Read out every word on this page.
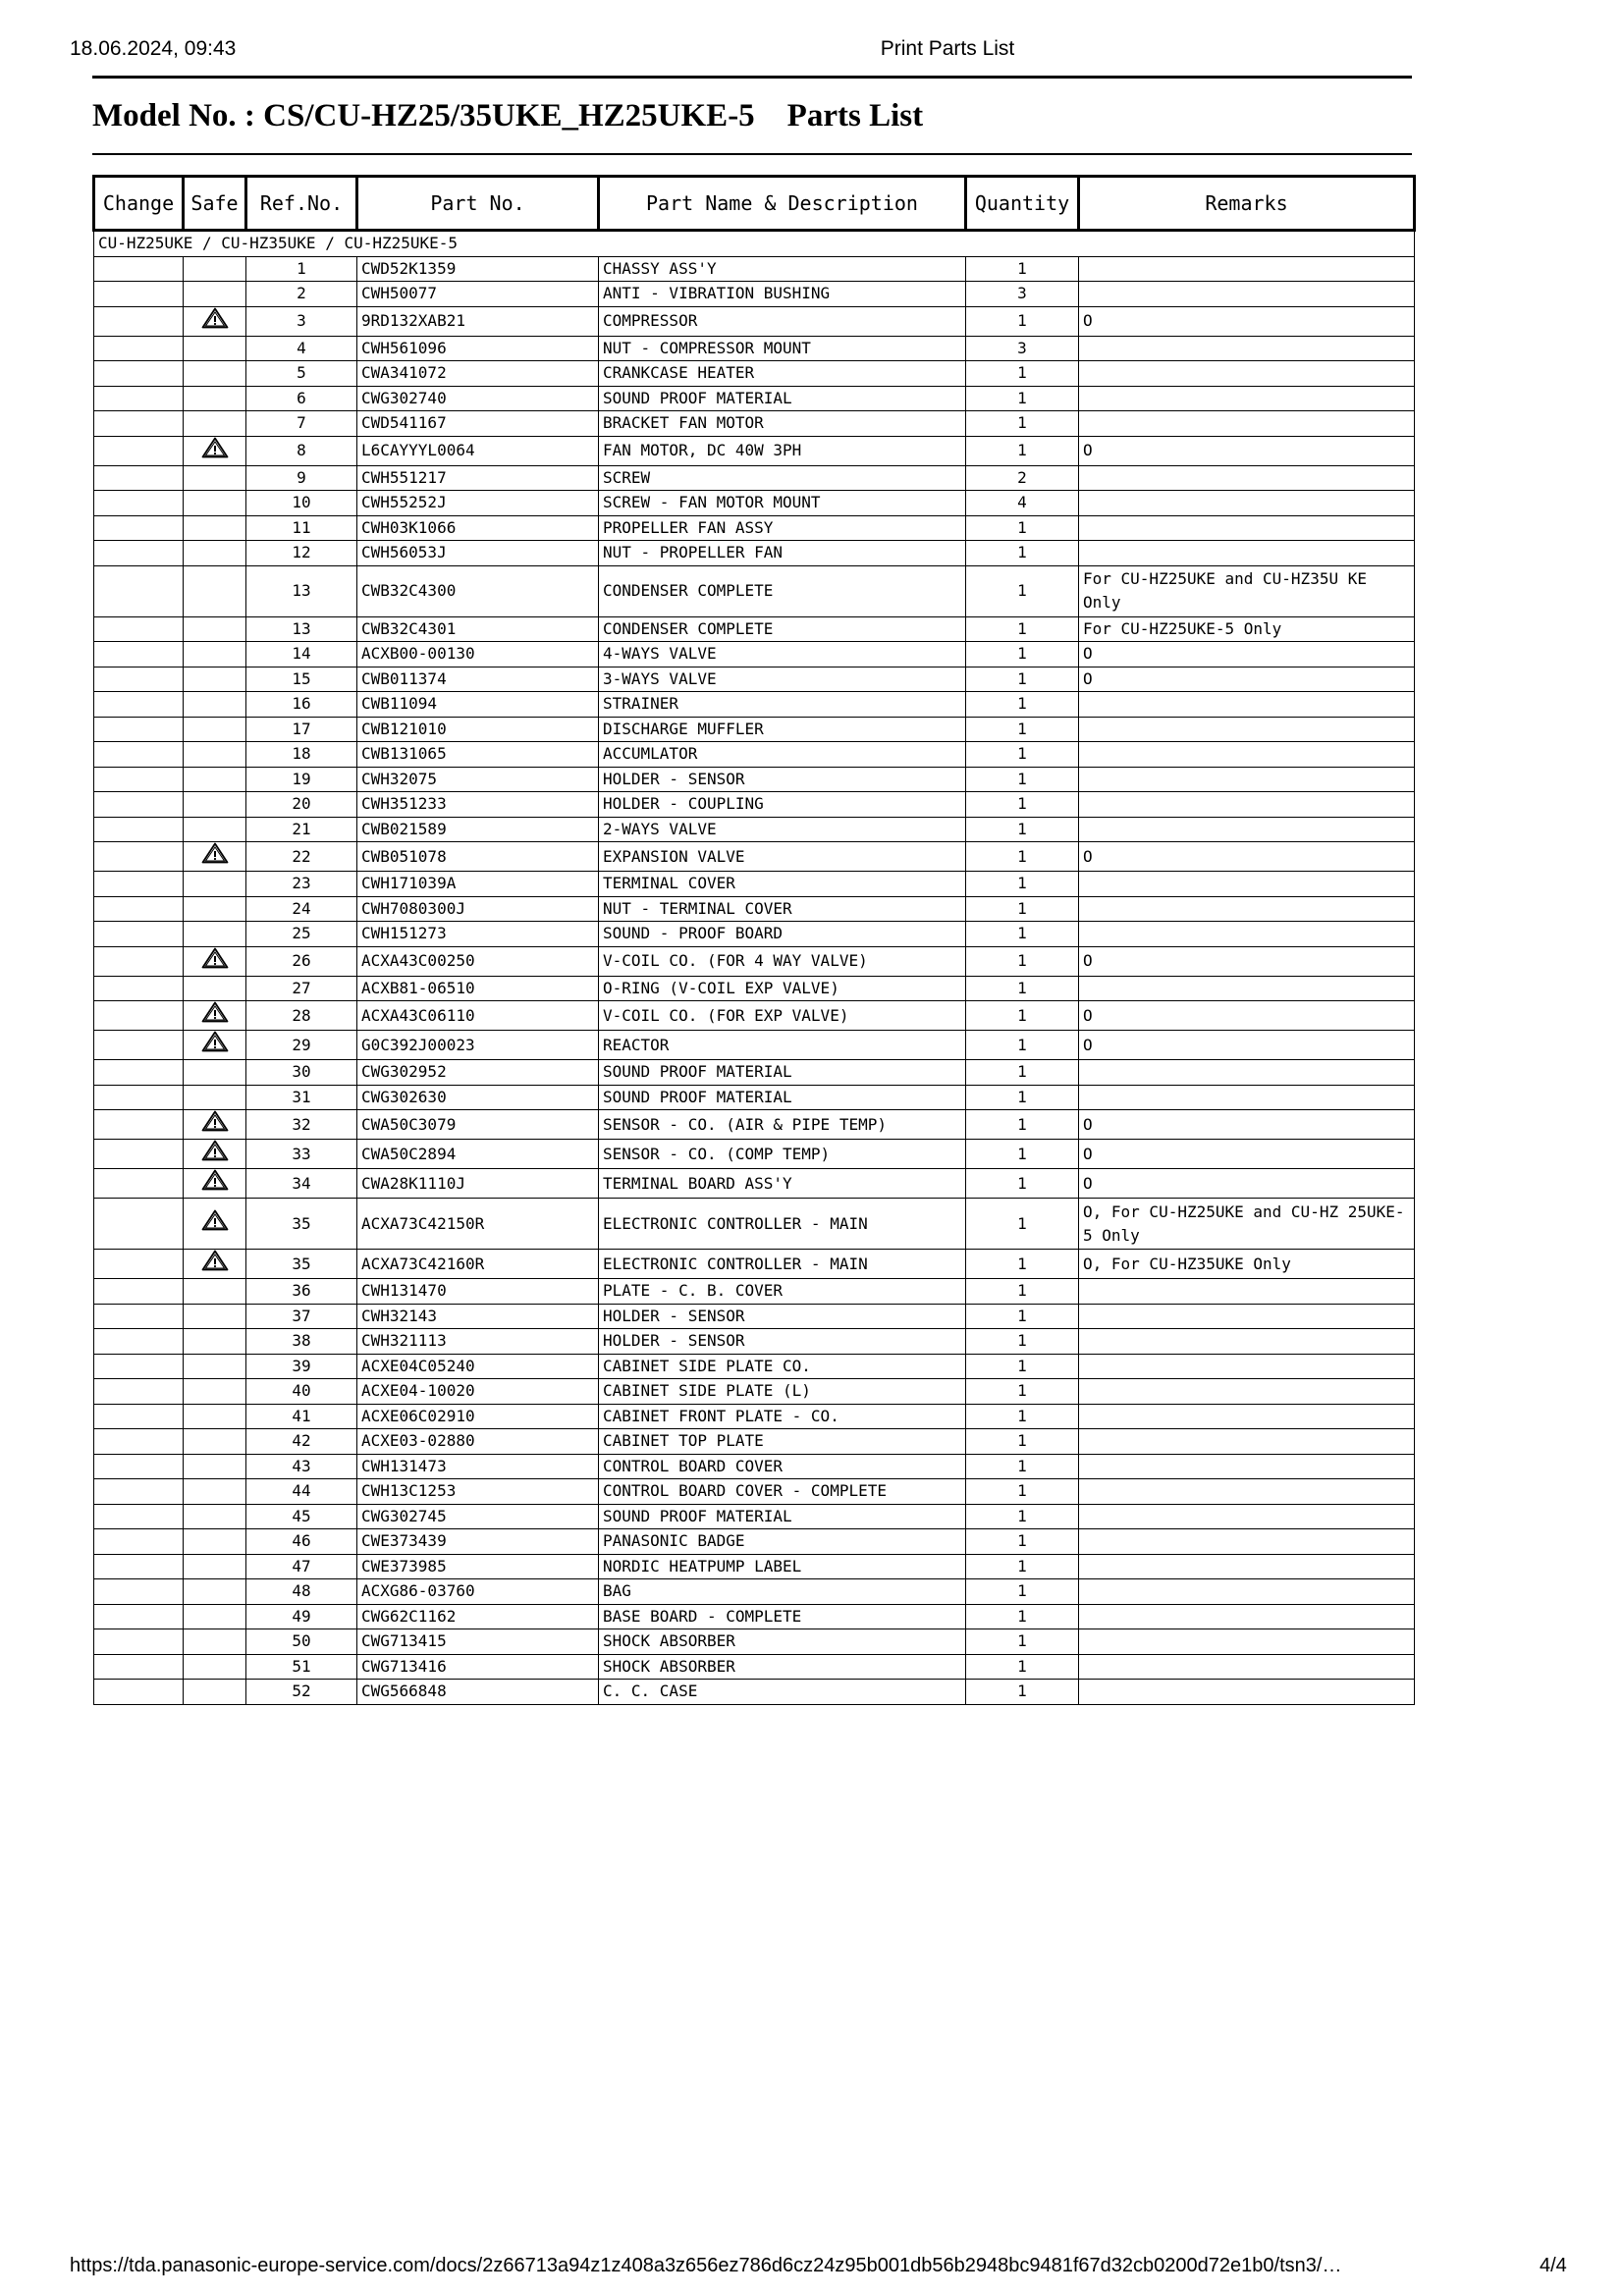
18.06.2024, 09:43	Print Parts List
Model No. : CS/CU-HZ25/35UKE_HZ25UKE-5    Parts List
Change	Safe	Ref.No.	Part No.	Part Name & Description	Quantity	Remarks
CU-HZ25UKE / CU-HZ35UKE / CU-HZ25UKE-5						
		1	CWD52K1359	CHASSY ASS'Y	1	
		2	CWH50077	ANTI - VIBRATION BUSHING	3	
		3	9RD132XAB21	COMPRESSOR	1	O
		4	CWH561096	NUT - COMPRESSOR MOUNT	3	
		5	CWA341072	CRANKCASE HEATER	1	
		6	CWG302740	SOUND PROOF MATERIAL	1	
		7	CWD541167	BRACKET FAN MOTOR	1	
		8	L6CAYYYL0064	FAN MOTOR, DC 40W 3PH	1	O
		9	CWH551217	SCREW	2	
		10	CWH55252J	SCREW - FAN MOTOR MOUNT	4	
		11	CWH03K1066	PROPELLER FAN ASSY	1	
		12	CWH56053J	NUT - PROPELLER FAN	1	
		13	CWB32C4300	CONDENSER COMPLETE	1	For CU-HZ25UKE and CU-HZ35U KE Only
		13	CWB32C4301	CONDENSER COMPLETE	1	For CU-HZ25UKE-5 Only
		14	ACXB00-00130	4-WAYS VALVE	1	O
		15	CWB011374	3-WAYS VALVE	1	O
		16	CWB11094	STRAINER	1	
		17	CWB121010	DISCHARGE MUFFLER	1	
		18	CWB131065	ACCUMLATOR	1	
		19	CWH32075	HOLDER - SENSOR	1	
		20	CWH351233	HOLDER - COUPLING	1	
		21	CWB021589	2-WAYS VALVE	1	
		22	CWB051078	EXPANSION VALVE	1	O
		23	CWH171039A	TERMINAL COVER	1	
		24	CWH7080300J	NUT - TERMINAL COVER	1	
		25	CWH151273	SOUND - PROOF BOARD	1	
		26	ACXA43C00250	V-COIL CO. (FOR 4 WAY VALVE)	1	O
		27	ACXB81-06510	O-RING (V-COIL EXP VALVE)	1	
		28	ACXA43C06110	V-COIL CO. (FOR EXP VALVE)	1	O
		29	G0C392J00023	REACTOR	1	O
		30	CWG302952	SOUND PROOF MATERIAL	1	
		31	CWG302630	SOUND PROOF MATERIAL	1	
		32	CWA50C3079	SENSOR - CO. (AIR & PIPE TEMP)	1	O
		33	CWA50C2894	SENSOR - CO. (COMP TEMP)	1	O
		34	CWA28K1110J	TERMINAL BOARD ASS'Y	1	O
		35	ACXA73C42150R	ELECTRONIC CONTROLLER - MAIN	1	O, For CU-HZ25UKE and CU-HZ 25UKE-5 Only
		35	ACXA73C42160R	ELECTRONIC CONTROLLER - MAIN	1	O, For CU-HZ35UKE Only
		36	CWH131470	PLATE - C. B. COVER	1	
		37	CWH32143	HOLDER - SENSOR	1	
		38	CWH321113	HOLDER - SENSOR	1	
		39	ACXE04C05240	CABINET SIDE PLATE CO.	1	
		40	ACXE04-10020	CABINET SIDE PLATE (L)	1	
		41	ACXE06C02910	CABINET FRONT PLATE - CO.	1	
		42	ACXE03-02880	CABINET TOP PLATE	1	
		43	CWH131473	CONTROL BOARD COVER	1	
		44	CWH13C1253	CONTROL BOARD COVER - COMPLETE	1	
		45	CWG302745	SOUND PROOF MATERIAL	1	
		46	CWE373439	PANASONIC BADGE	1	
		47	CWE373985	NORDIC HEATPUMP LABEL	1	
		48	ACXG86-03760	BAG	1	
		49	CWG62C1162	BASE BOARD - COMPLETE	1	
		50	CWG713415	SHOCK ABSORBER	1	
		51	CWG713416	SHOCK ABSORBER	1	
		52	CWG566848	C. C. CASE	1	
https://tda.panasonic-europe-service.com/docs/2z66713a94z1z408a3z656ez786d6cz24z95b001db56b2948bc9481f67d32cb0200d72e1b0/tsn3/…	4/4
